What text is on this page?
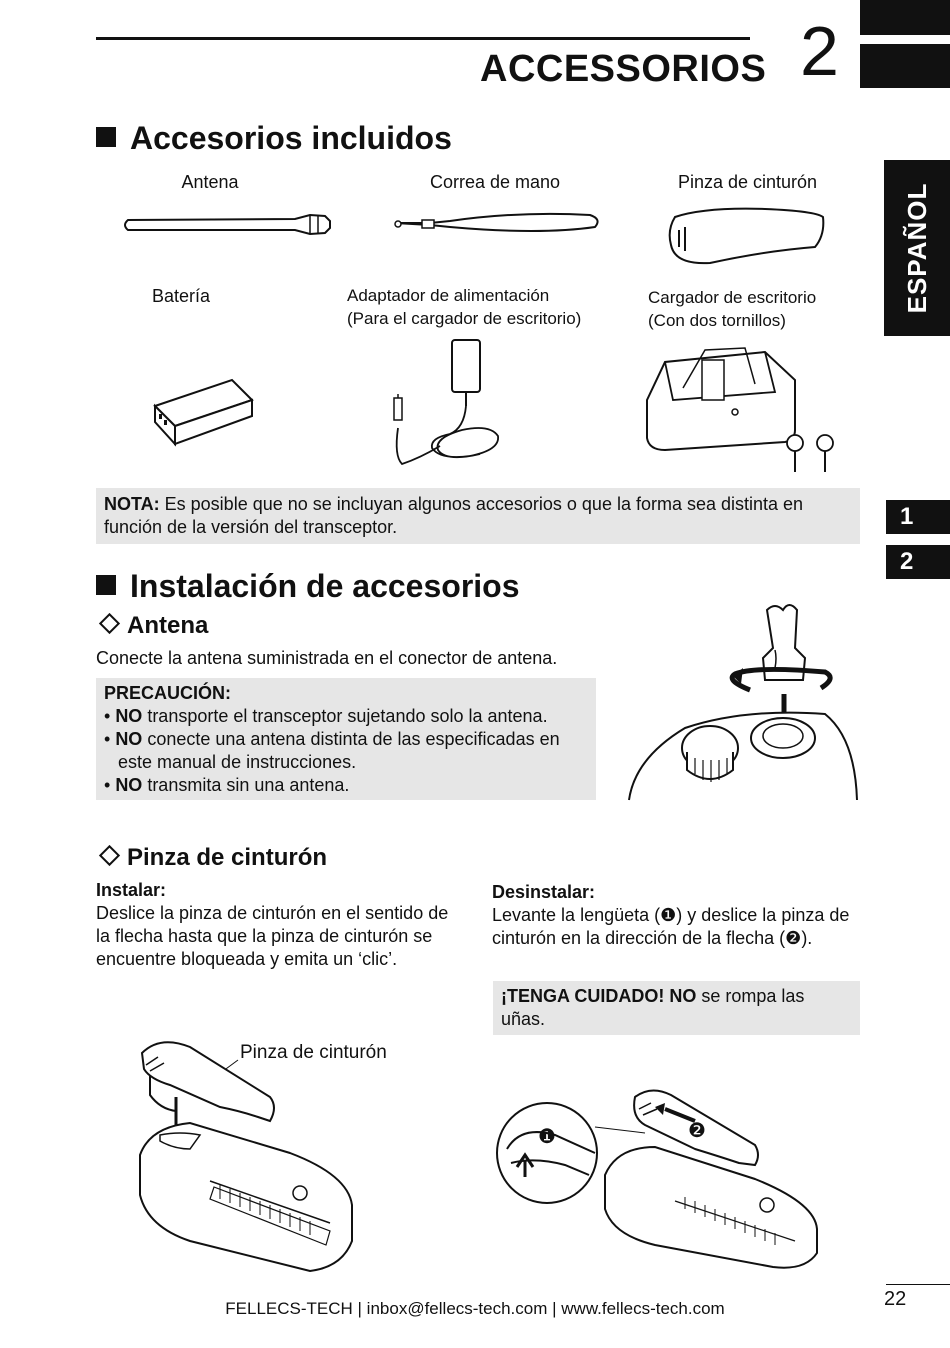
ACCESSORIOS 2
ESPAÑOL
1
2
Accesorios incluidos
Antena	Correa de mano	Pinza de cinturón
Batería	Adaptador de alimentación
(Para el cargador de escritorio)
Cargador de escritorio
(Con dos tornillos)
NOTA: Es posible que no se incluyan algunos accesorios o que la forma sea distinta en función de la versión del transceptor.
Instalación de accesorios
Antena
Conecte la antena suministrada en el conector de antena.
PRECAUCIÓN:
• NO transporte el transceptor sujetando solo la antena.
• NO conecte una antena distinta de las especificadas en este manual de instrucciones.
• NO transmita sin una antena.
Pinza de cinturón
Instalar:
Deslice la pinza de cinturón en el sentido de la flecha hasta que la pinza de cinturón se encuentre bloqueada y emita un ‘clic’.
Desinstalar:
Levante la lengüeta (❶) y deslice la pinza de cinturón en la dirección de la flecha (❷).
¡TENGA CUIDADO! NO se rompa las uñas.
Pinza de cinturón
❶	❷
22
FELLECS-TECH | inbox@fellecs-tech.com | www.fellecs-tech.com
